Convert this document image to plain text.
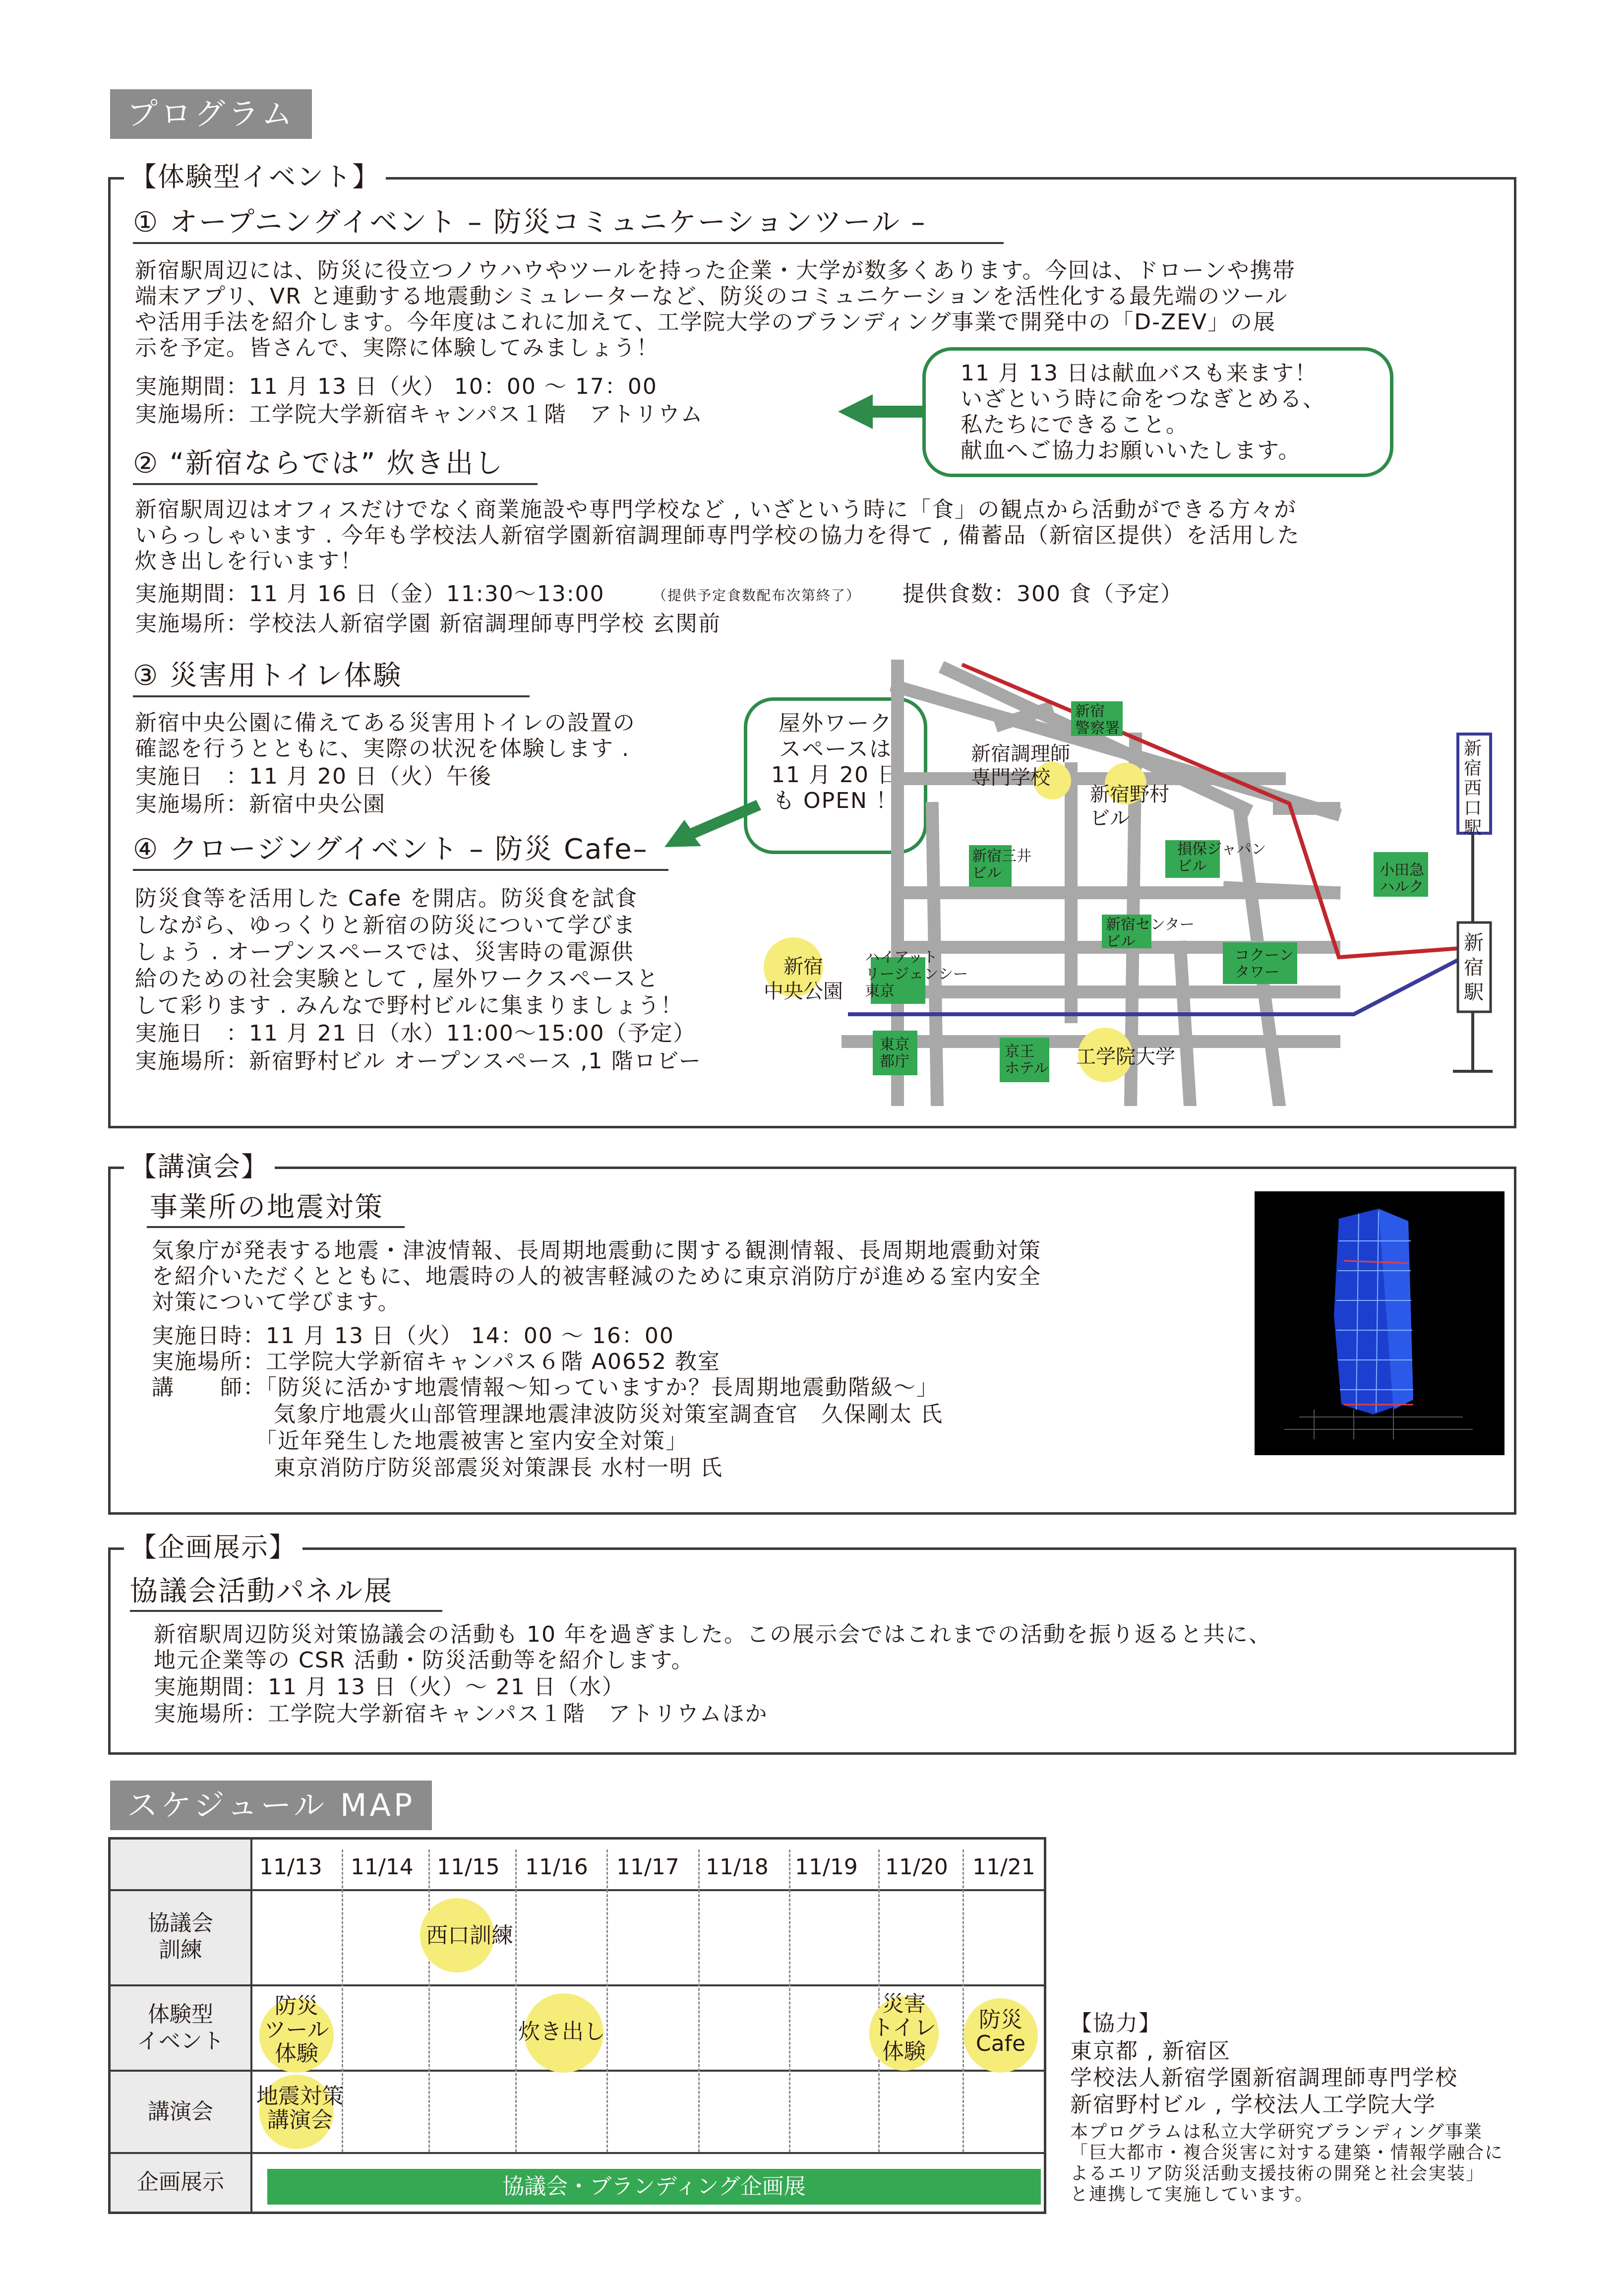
プログラム
【体験型イベント】
① オープニングイベント – 防災コミュニケーションツール –
新宿駅周辺には、防災に役立つノウハウやツールを持った企業・大学が数多くあります。今回は、ドローンや携帯
端末アプリ、VR と連動する地震動シミュレーターなど、防災のコミュニケーションを活性化する最先端のツール
や活用手法を紹介します。今年度はこれに加えて、工学院大学のブランディング事業で開発中の「D-ZEV」の展
示を予定。皆さんで、実際に体験してみましょう！
実施期間：11 月 13 日（火） 10：00 ～ 17：00
実施場所：工学院大学新宿キャンパス１階　アトリウム
11 月 13 日は献血バスも来ます！
いざという時に命をつなぎとめる、
私たちにできること。
献血へご協力お願いいたします。
② “新宿ならでは” 炊き出し
新宿駅周辺はオフィスだけでなく商業施設や専門学校など , いざという時に「食」の観点から活動ができる方々が
いらっしゃいます . 今年も学校法人新宿学園新宿調理師専門学校の協力を得て , 備蓄品（新宿区提供）を活用した
炊き出しを行います！
実施期間：11 月 16 日（金）11:30～13:00	（提供予定食数配布次第終了） 提供食数：300 食（予定）
実施場所：学校法人新宿学園 新宿調理師専門学校 玄関前
③ 災害用トイレ体験
新宿中央公園に備えてある災害用トイレの設置の
確認を行うとともに、実際の状況を体験します .
実施日　：11 月 20 日（火）午後
実施場所：新宿中央公園
屋外ワーク
スペースは
11 月 20 日
も OPEN ！
④ クロージングイベント – 防災 Cafe–
防災食等を活用した Cafe を開店。防災食を試食
しながら、ゆっくりと新宿の防災について学びま
しょう . オープンスペースでは、災害時の電源供
給のための社会実験として , 屋外ワークスペースと
して彩ります . みんなで野村ビルに集まりましょう！
実施日　：11 月 21 日（水）11:00～15:00（予定）
実施場所：新宿野村ビル オープンスペース ,1 階ロビー
新宿
警察署
新宿調理師
専門学校
新宿野村
ビル
新宿三井
ビル
損保ジャパン
ビル	小田急
ハルク
新宿センター
ビル
コクーン
タワー
ハイアット
リージェンシー
東京
新宿
中央公園
東京
都庁
京王
ホテル
工学院大学
新宿西口駅
新宿駅
【講演会】
事業所の地震対策
気象庁が発表する地震・津波情報、長周期地震動に関する観測情報、長周期地震動対策
を紹介いただくとともに、地震時の人的被害軽減のために東京消防庁が進める室内安全
対策について学びます。
実施日時：11 月 13 日（火） 14：00 ～ 16：00
実施場所：工学院大学新宿キャンパス６階 A0652 教室
講　　師：「防災に活かす地震情報～知っていますか？長周期地震動階級～」
　　　　　 気象庁地震火山部管理課地震津波防災対策室調査官　久保剛太 氏
　　　　　「近年発生した地震被害と室内安全対策」
　　　　　 東京消防庁防災部震災対策課長 水村一明 氏
【企画展示】
協議会活動パネル展
新宿駅周辺防災対策協議会の活動も 10 年を過ぎました。この展示会ではこれまでの活動を振り返ると共に、
地元企業等の CSR 活動・防災活動等を紹介します。
実施期間：11 月 13 日（火）～ 21 日（水）
実施場所：工学院大学新宿キャンパス１階　アトリウムほか
スケジュール MAP
11/13 11/14 11/15 11/16 11/17 11/18 11/19 11/20 11/21
協議会
訓練
体験型
イベント
講演会
企画展示
西口訓練
防災
ツール
体験
炊き出し
災害
トイレ
体験
防災
Cafe
地震対策
講演会
協議会・ブランディング企画展
【協力】
東京都 , 新宿区
学校法人新宿学園新宿調理師専門学校
新宿野村ビル , 学校法人工学院大学
本プログラムは私立大学研究ブランディング事業
「巨大都市・複合災害に対する建築・情報学融合に
よるエリア防災活動支援技術の開発と社会実装」
と連携して実施しています。
